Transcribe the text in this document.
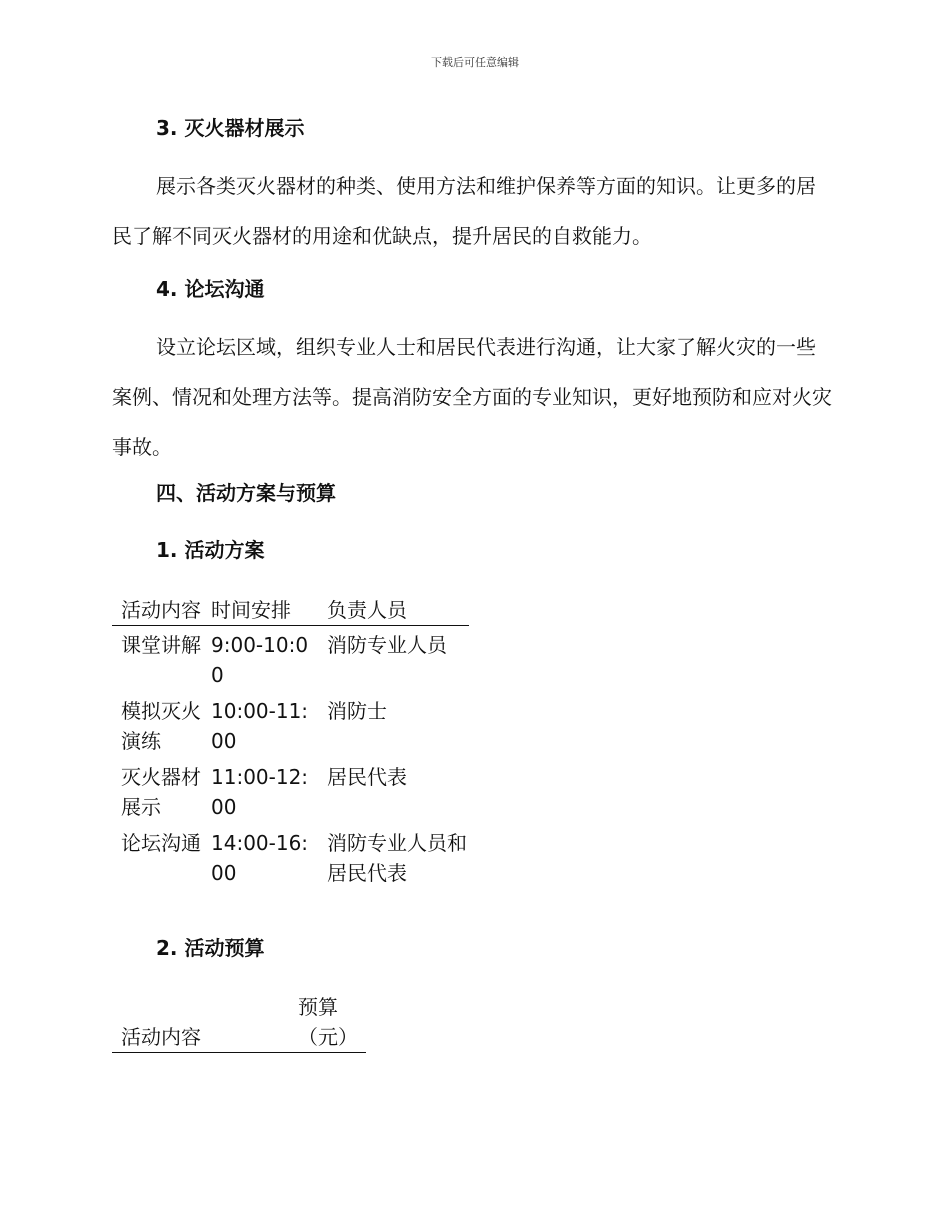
下载后可任意编辑
3. 灭火器材展示

展示各类灭火器材的种类、使用方法和维护保养等方面的知识。让更多的居民了解不同灭火器材的用途和优缺点，提升居民的自救能力。

4. 论坛沟通

设立论坛区域，组织专业人士和居民代表进行沟通，让大家了解火灾的一些案例、情况和处理方法等。提高消防安全方面的专业知识，更好地预防和应对火灾事故。

四、活动方案与预算
1. 活动方案
活动内容	时间安排	负责人员
课堂讲解	9:00-10:00	消防专业人员
模拟灭火演练	10:00-11:00	消防士
灭火器材展示	11:00-12:00	居民代表
论坛沟通	14:00-16:00	消防专业人员和居民代表
2. 活动预算
活动内容	预算（元）
